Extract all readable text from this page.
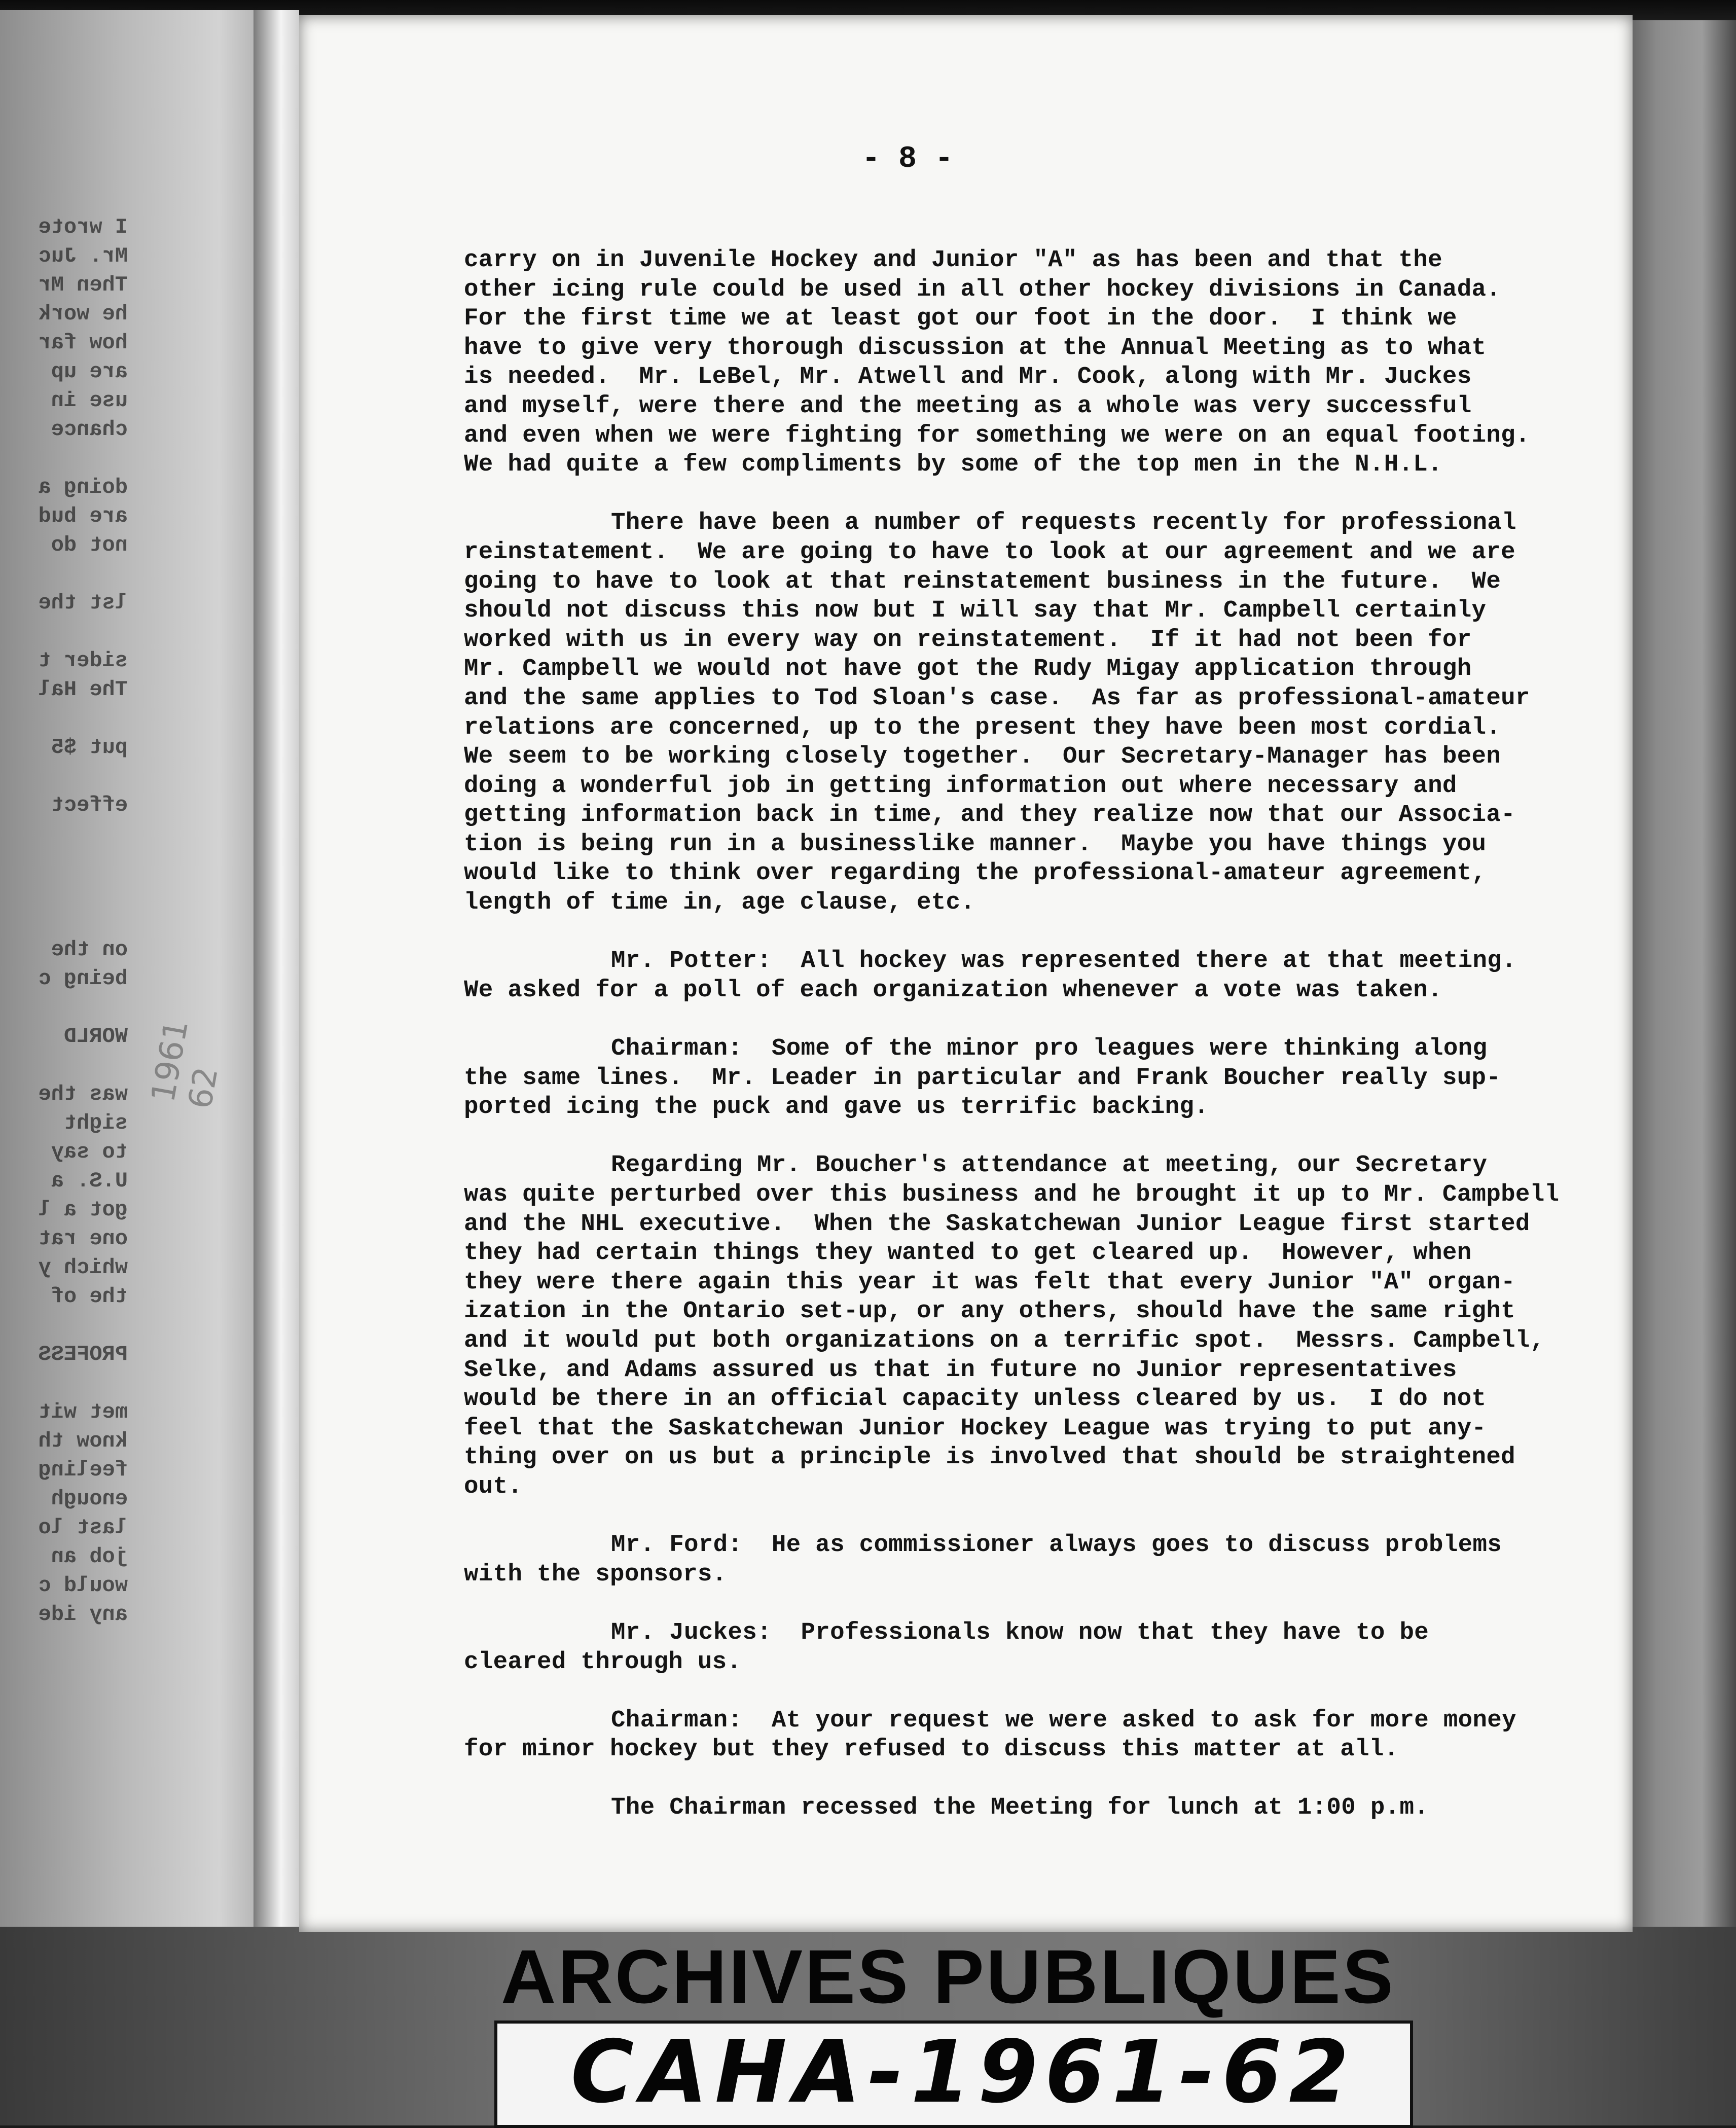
I wrote
Mr. Juc
Then Mr
he work
how far
are up
use in
chance
doing a
are bud
not do
lst the
sider t
The Hal
put $5
effect
on the
being c
WORLD
was the
sight
to say
U.S. a
got a l
one rat
which y
the of
PROFESS
met wit
know th
feeling
enough
last lo
job an
would c
any ide
- 8 -

carry on in Juvenile Hockey and Junior "A" as has been and that the
other icing rule could be used in all other hockey divisions in Canada.
For the first time we at least got our foot in the door.  I think we
have to give very thorough discussion at the Annual Meeting as to what
is needed.  Mr. LeBel, Mr. Atwell and Mr. Cook, along with Mr. Juckes
and myself, were there and the meeting as a whole was very successful
and even when we were fighting for something we were on an equal footing.
We had quite a few compliments by some of the top men in the N.H.L.

There have been a number of requests recently for professional
reinstatement.  We are going to have to look at our agreement and we are
going to have to look at that reinstatement business in the future.  We
should not discuss this now but I will say that Mr. Campbell certainly
worked with us in every way on reinstatement.  If it had not been for
Mr. Campbell we would not have got the Rudy Migay application through
and the same applies to Tod Sloan's case.  As far as professional-amateur
relations are concerned, up to the present they have been most cordial.
We seem to be working closely together.  Our Secretary-Manager has been
doing a wonderful job in getting information out where necessary and
getting information back in time, and they realize now that our Associa-
tion is being run in a businesslike manner.  Maybe you have things you
would like to think over regarding the professional-amateur agreement,
length of time in, age clause, etc.

Mr. Potter:  All hockey was represented there at that meeting.
We asked for a poll of each organization whenever a vote was taken.

Chairman:  Some of the minor pro leagues were thinking along
the same lines.  Mr. Leader in particular and Frank Boucher really sup-
ported icing the puck and gave us terrific backing.

Regarding Mr. Boucher's attendance at meeting, our Secretary
was quite perturbed over this business and he brought it up to Mr. Campbell
and the NHL executive.  When the Saskatchewan Junior League first started
they had certain things they wanted to get cleared up.  However, when
they were there again this year it was felt that every Junior "A" organ-
ization in the Ontario set-up, or any others, should have the same right
and it would put both organizations on a terrific spot.  Messrs. Campbell,
Selke, and Adams assured us that in future no Junior representatives
would be there in an official capacity unless cleared by us.  I do not
feel that the Saskatchewan Junior Hockey League was trying to put any-
thing over on us but a principle is involved that should be straightened
out.

Mr. Ford:  He as commissioner always goes to discuss problems
with the sponsors.

Mr. Juckes:  Professionals know now that they have to be
cleared through us.

Chairman:  At your request we were asked to ask for more money
for minor hockey but they refused to discuss this matter at all.

The Chairman recessed the Meeting for lunch at 1:00 p.m.

1961
62
ARCHIVES PUBLIQUES
CAHA-1961-62
